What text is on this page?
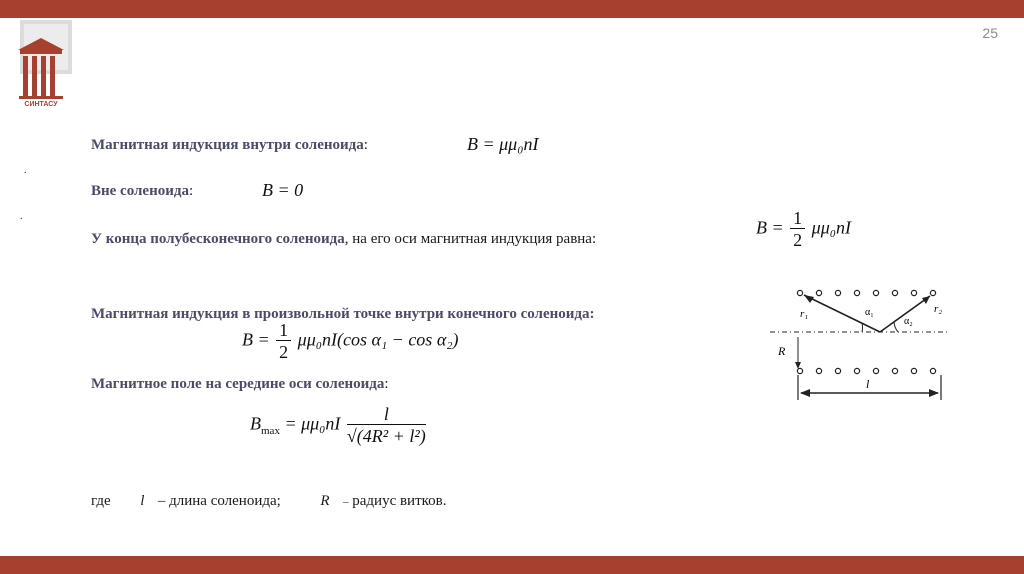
25
СИНТАСУ
.
.
Магнитная индукция внутри соленоида:	B = μμ₀nI
Вне соленоида:	B = 0
У конца полубесконечного соленоида, на его оси магнитная индукция равна:
$B = \frac{1}{2} \mu\mu_0nI$
Магнитная индукция в произвольной точке внутри конечного соленоида:
$B = \frac{1}{2} \mu\mu_0nI(\cos$ α₁ − cos α₂)
Магнитное поле на середине оси соленоида:
$B_{max} = \mu\mu_0nI \frac{l}{\text{√(4R² + l²)}}$
где l – длина соленоида;	R – радиус витков.
r₁	r₂
α₁
α₂
R
l
